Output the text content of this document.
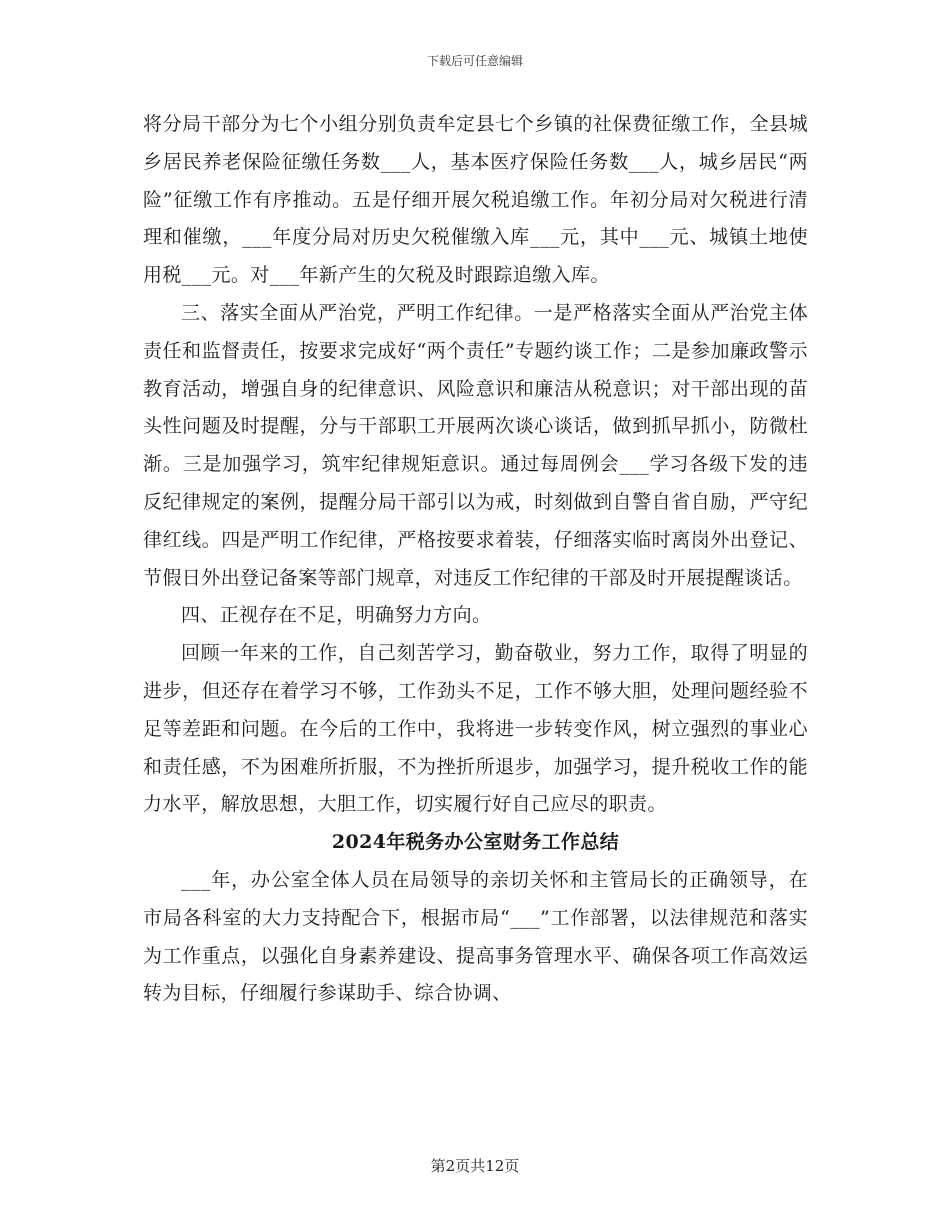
下载后可任意编辑

将分局干部分为七个小组分别负责牟定县七个乡镇的社保费征缴工作，全县城乡居民养老保险征缴任务数___人，基本医疗保险任务数___人，城乡居民“两险”征缴工作有序推动。五是仔细开展欠税追缴工作。年初分局对欠税进行清理和催缴，___年度分局对历史欠税催缴入库___元，其中___元、城镇土地使用税___元。对___年新产生的欠税及时跟踪追缴入库。

三、落实全面从严治党，严明工作纪律。一是严格落实全面从严治党主体责任和监督责任，按要求完成好“两个责任”专题约谈工作；二是参加廉政警示教育活动，增强自身的纪律意识、风险意识和廉洁从税意识；对干部出现的苗头性问题及时提醒，分与干部职工开展两次谈心谈话，做到抓早抓小，防微杜渐。三是加强学习，筑牢纪律规矩意识。通过每周例会___学习各级下发的违反纪律规定的案例，提醒分局干部引以为戒，时刻做到自警自省自励，严守纪律红线。四是严明工作纪律，严格按要求着装，仔细落实临时离岗外出登记、节假日外出登记备案等部门规章，对违反工作纪律的干部及时开展提醒谈话。

四、正视存在不足，明确努力方向。

回顾一年来的工作，自己刻苦学习，勤奋敬业，努力工作，取得了明显的进步，但还存在着学习不够，工作劲头不足，工作不够大胆，处理问题经验不足等差距和问题。在今后的工作中，我将进一步转变作风，树立强烈的事业心和责任感，不为困难所折服，不为挫折所退步，加强学习，提升税收工作的能力水平，解放思想，大胆工作，切实履行好自己应尽的职责。

2024年税务办公室财务工作总结

___年，办公室全体人员在局领导的亲切关怀和主管局长的正确领导，在市局各科室的大力支持配合下，根据市局“___”工作部署，以法律规范和落实为工作重点，以强化自身素养建设、提高事务管理水平、确保各项工作高效运转为目标，仔细履行参谋助手、综合协调、

第2页共12页
